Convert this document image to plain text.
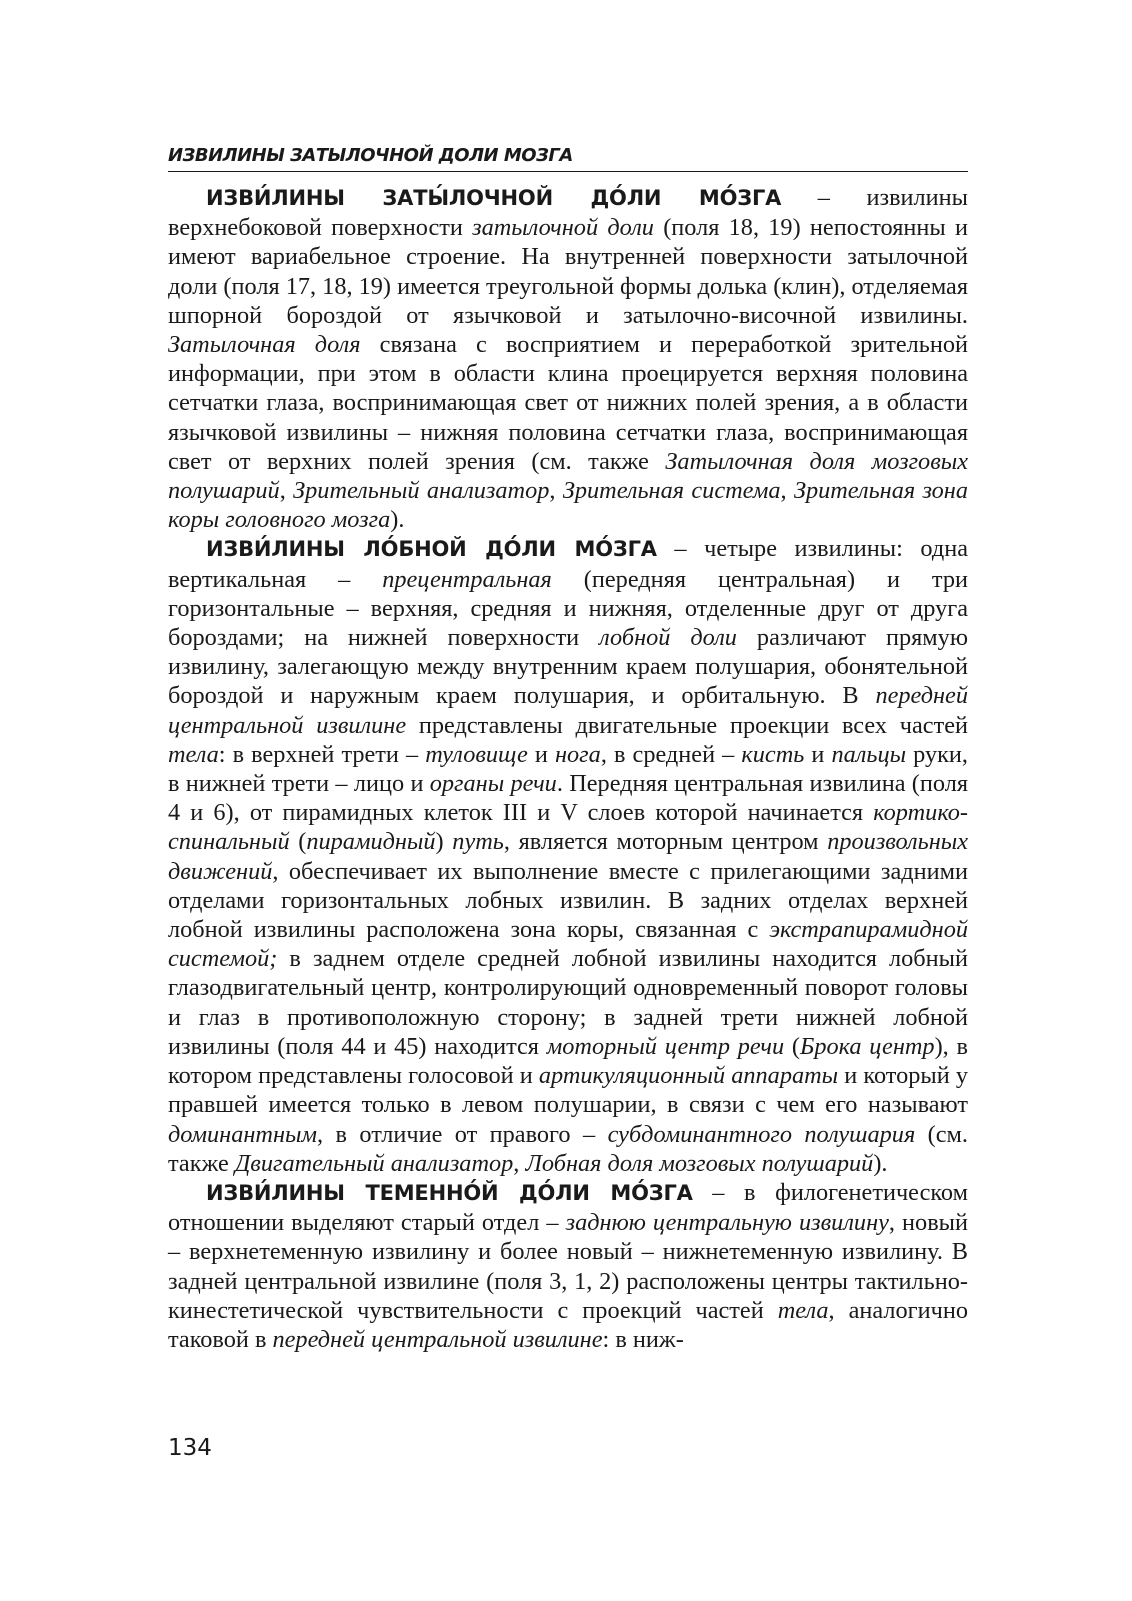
ИЗВИЛИНЫ ЗАТЫЛОЧНОЙ ДОЛИ МОЗГА

ИЗВИ́ЛИНЫ ЗАТЫ́ЛОЧНОЙ ДО́ЛИ МО́ЗГА – извилины верхнебоковой поверхности затылочной доли (поля 18, 19) непостоянны и имеют вариабельное строение. На внутренней поверхности затылочной доли (поля 17, 18, 19) имеется треугольной формы долька (клин), отделяемая шпорной бороздой от язычковой и затылочно-височной извилины. Затылочная доля связана с восприятием и переработкой зрительной информации, при этом в области клина проецируется верхняя половина сетчатки глаза, воспринимающая свет от нижних полей зрения, а в области язычковой извилины – нижняя половина сетчатки глаза, воспринимающая свет от верхних полей зрения (см. также Затылочная доля мозговых полушарий, Зрительный анализатор, Зрительная система, Зрительная зона коры головного мозга).

ИЗВИ́ЛИНЫ ЛО́БНОЙ ДО́ЛИ МО́ЗГА – четыре извилины: одна вертикальная – прецентральная (передняя центральная) и три горизонтальные – верхняя, средняя и нижняя, отделенные друг от друга бороздами; на нижней поверхности лобной доли различают прямую извилину, залегающую между внутренним краем полушария, обонятельной бороздой и наружным краем полушария, и орбитальную. В передней центральной извилине представлены двигательные проекции всех частей тела: в верхней трети – туловище и нога, в средней – кисть и пальцы руки, в нижней трети – лицо и органы речи. Передняя центральная извилина (поля 4 и 6), от пирамидных клеток III и V слоев которой начинается кортико-спинальный (пирамидный) путь, является моторным центром произвольных движений, обеспечивает их выполнение вместе с прилегающими задними отделами горизонтальных лобных извилин. В задних отделах верхней лобной извилины расположена зона коры, связанная с экстрапирамидной системой; в заднем отделе средней лобной извилины находится лобный глазодвигательный центр, контролирующий одновременный поворот головы и глаз в противоположную сторону; в задней трети нижней лобной извилины (поля 44 и 45) находится моторный центр речи (Брока центр), в котором представлены голосовой и артикуляционный аппараты и который у правшей имеется только в левом полушарии, в связи с чем его называют доминантным, в отличие от правого – субдоминантного полушария (см. также Двигательный анализатор, Лобная доля мозговых полушарий).

ИЗВИ́ЛИНЫ ТЕМЕННО́Й ДО́ЛИ МО́ЗГА – в филогенетическом отношении выделяют старый отдел – заднюю центральную извилину, новый – верхнетеменную извилину и более новый – нижнетеменную извилину. В задней центральной извилине (поля 3, 1, 2) расположены центры тактильно-кинестетической чувствительности с проекций частей тела, аналогично таковой в передней центральной извилине: в ниж-

134
